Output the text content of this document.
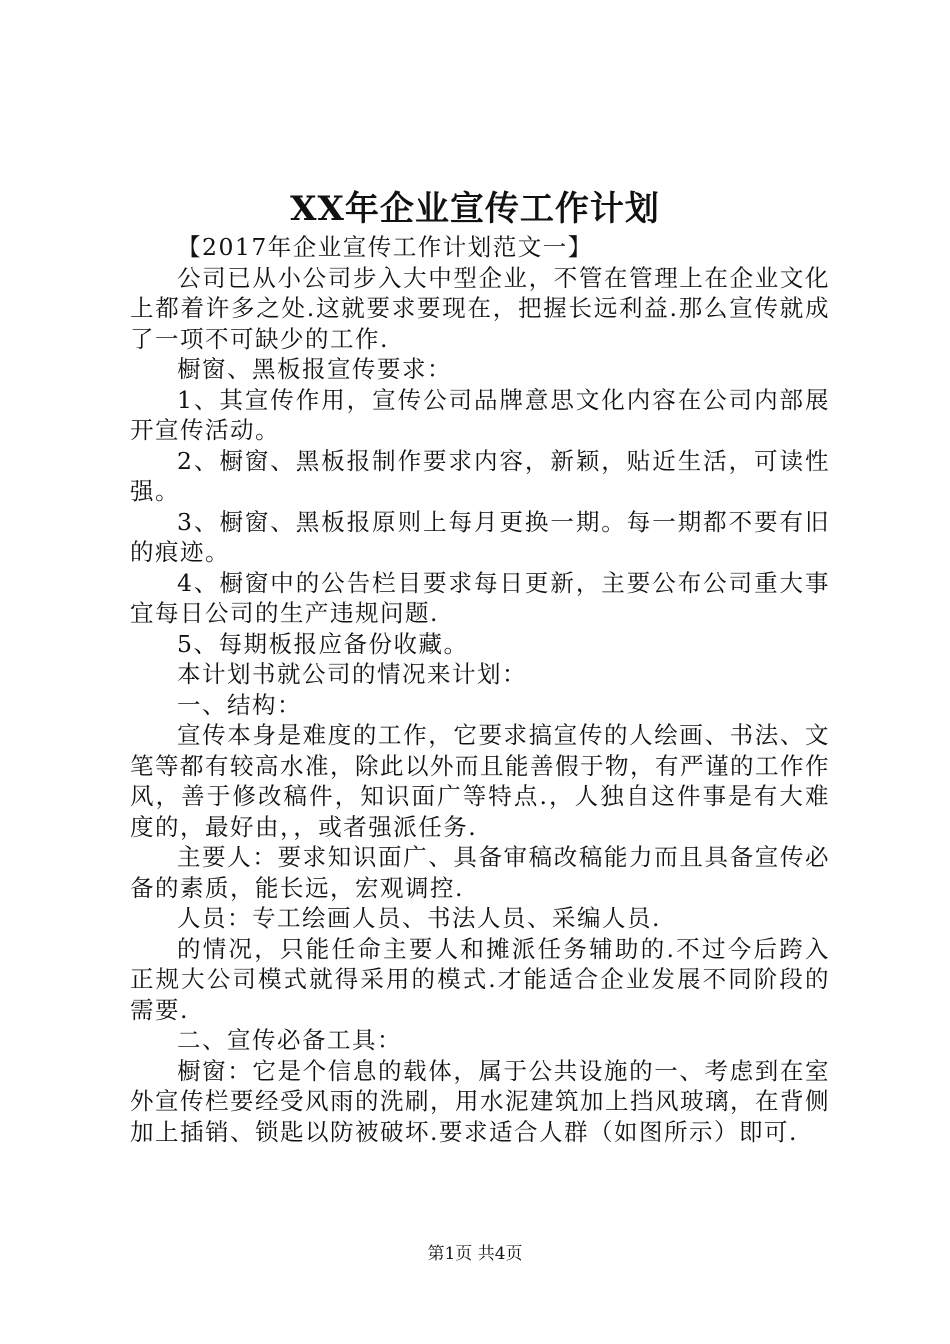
XX年企业宣传工作计划

【2017年企业宣传工作计划范文一】

公司已从小公司步入大中型企业，不管在管理上在企业文化上都着许多之处.这就要求要现在，把握长远利益.那么宣传就成了一项不可缺少的工作.

橱窗、黑板报宣传要求：

1、其宣传作用，宣传公司品牌意思文化内容在公司内部展开宣传活动。

2、橱窗、黑板报制作要求内容，新颖，贴近生活，可读性强。

3、橱窗、黑板报原则上每月更换一期。每一期都不要有旧的痕迹。

4、橱窗中的公告栏目要求每日更新，主要公布公司重大事宜每日公司的生产违规问题.

5、每期板报应备份收藏。

本计划书就公司的情况来计划：

一、结构：

宣传本身是难度的工作，它要求搞宣传的人绘画、书法、文笔等都有较高水准，除此以外而且能善假于物，有严谨的工作作风，善于修改稿件，知识面广等特点.，人独自这件事是有大难度的，最好由，，或者强派任务.

主要人：要求知识面广、具备审稿改稿能力而且具备宣传必备的素质，能长远，宏观调控.

人员：专工绘画人员、书法人员、采编人员.

的情况，只能任命主要人和摊派任务辅助的.不过今后跨入正规大公司模式就得采用的模式.才能适合企业发展不同阶段的需要.

二、宣传必备工具：

橱窗：它是个信息的载体，属于公共设施的一、考虑到在室外宣传栏要经受风雨的洗刷，用水泥建筑加上挡风玻璃，在背侧加上插销、锁匙以防被破坏.要求适合人群（如图所示）即可.

第1页 共4页
